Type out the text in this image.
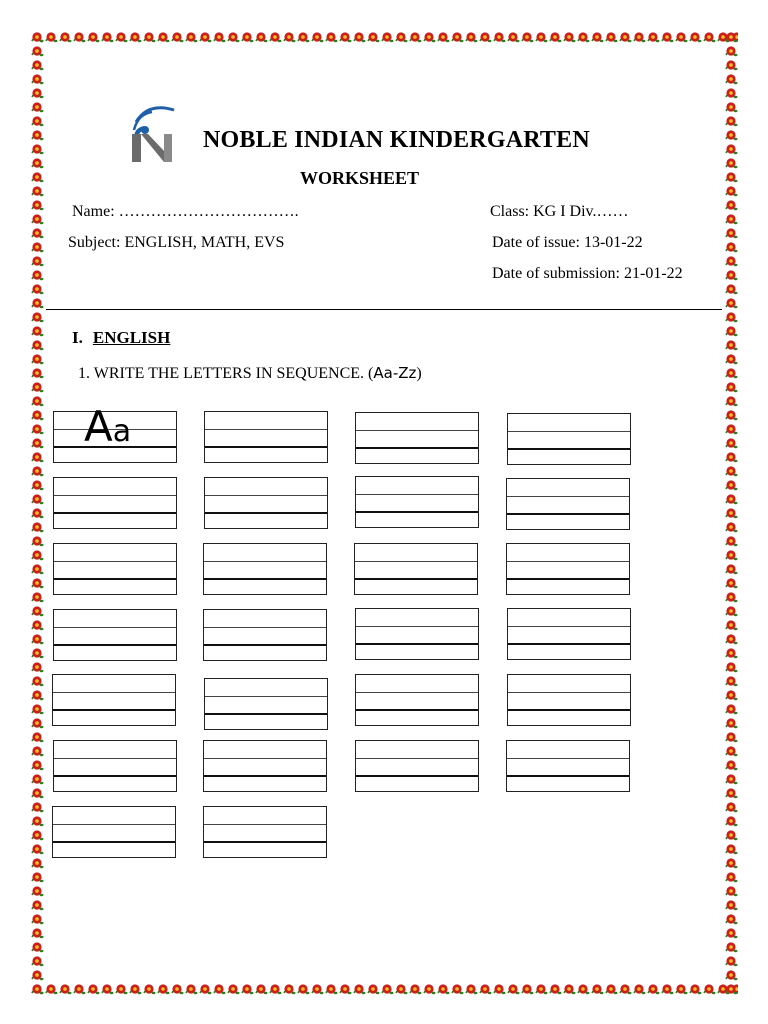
NOBLE INDIAN KINDERGARTEN
WORKSHEET
Name: …………………………….	Class: KG I Div.……
Subject: ENGLISH, MATH, EVS	Date of issue: 13-01-22
Date of submission: 21-01-22
I. ENGLISH
1. WRITE THE LETTERS IN SEQUENCE. (Aa-Zz)
Aa
